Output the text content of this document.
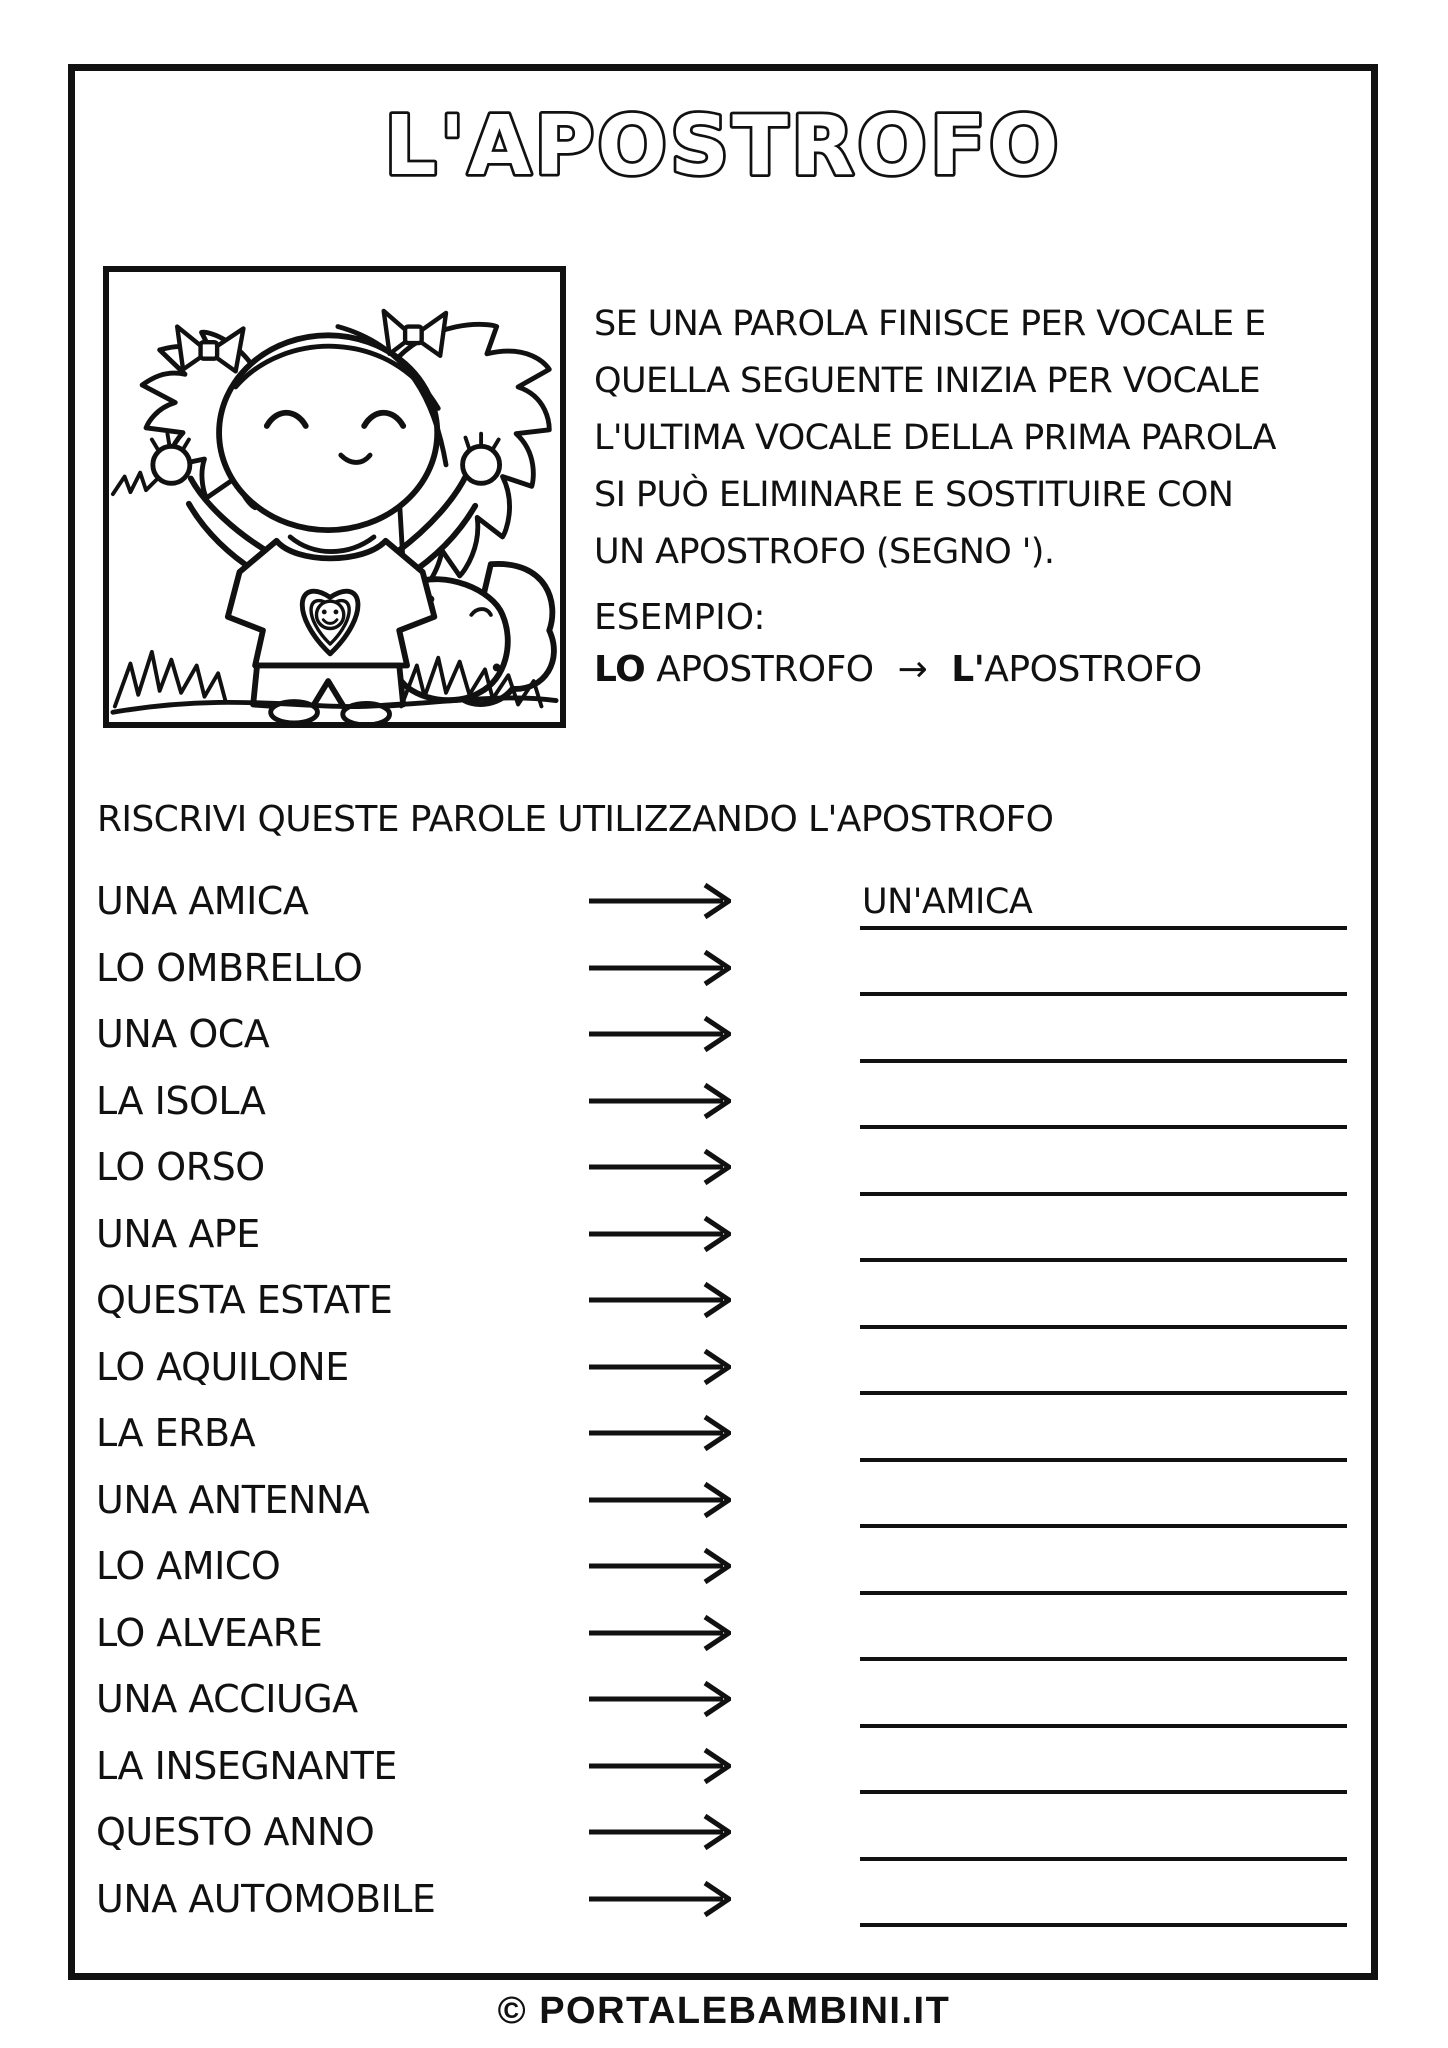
L'APOSTROFO
SE UNA PAROLA FINISCE PER VOCALE E
QUELLA SEGUENTE INIZIA PER VOCALE
L'ULTIMA VOCALE DELLA PRIMA PAROLA
SI PUÒ ELIMINARE E SOSTITUIRE CON
UN APOSTROFO (SEGNO ').
ESEMPIO:
LO APOSTROFO → L'APOSTROFO
RISCRIVI QUESTE PAROLE UTILIZZANDO L'APOSTROFO
UNA AMICA	UN'AMICA
LO OMBRELLO
UNA OCA
LA ISOLA
LO ORSO
UNA APE
QUESTA ESTATE
LO AQUILONE
LA ERBA
UNA ANTENNA
LO AMICO
LO ALVEARE
UNA ACCIUGA
LA INSEGNANTE
QUESTO ANNO
UNA AUTOMOBILE
© PORTALEBAMBINI.IT
